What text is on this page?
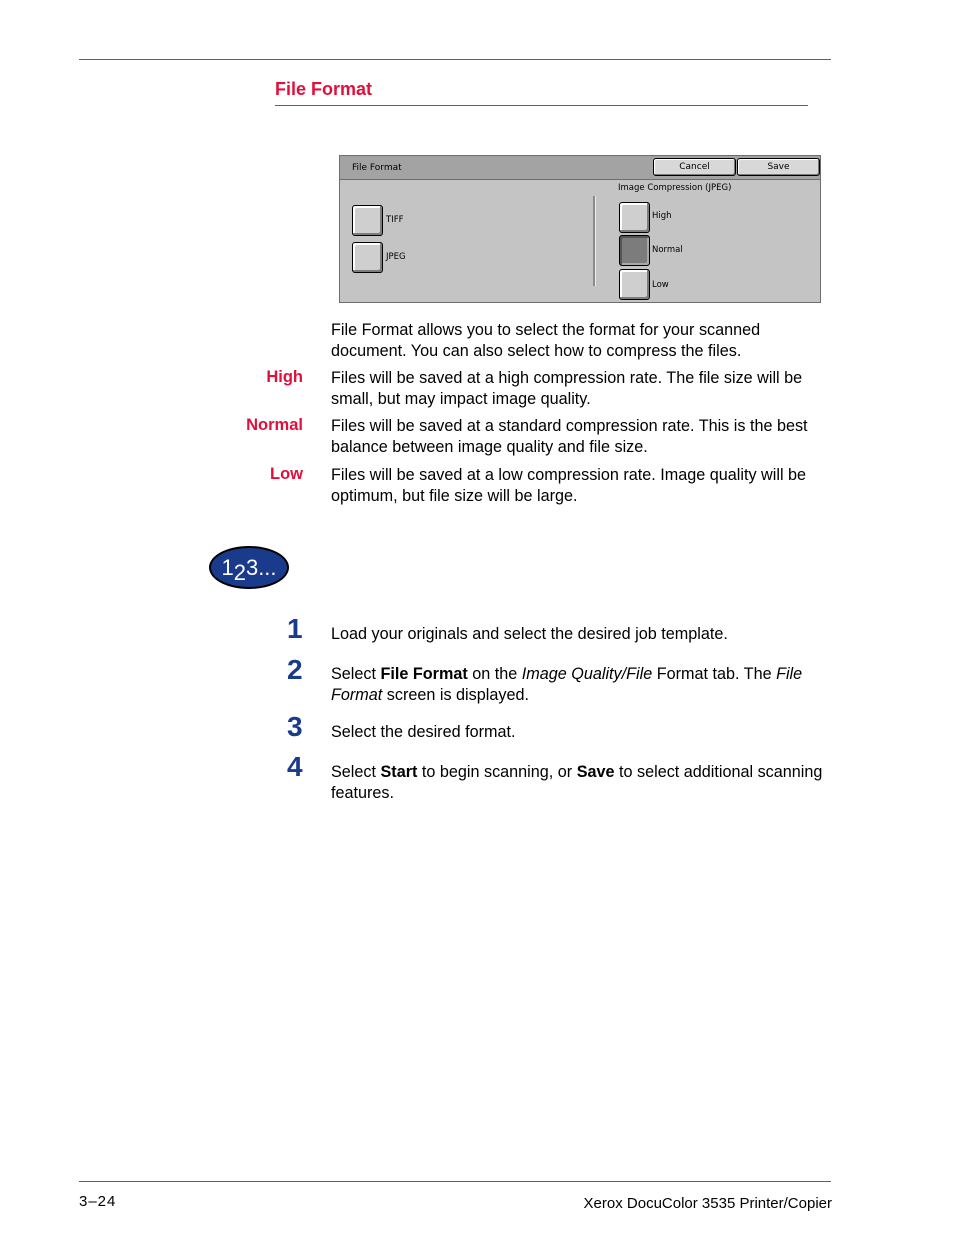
File Format
File Format	Cancel	Save
TIFF
JPEG
Image Compression (JPEG)
High
Normal
Low
File Format allows you to select the format for your scanned document. You can also select how to compress the files.
High Files will be saved at a high compression rate. The file size will be small, but may impact image quality.
Normal Files will be saved at a standard compression rate. This is the best balance between image quality and file size.
Low Files will be saved at a low compression rate. Image quality will be optimum, but file size will be large.
123...
1 Load your originals and select the desired job template.
2 Select File Format on the Image Quality/File Format tab. The File Format screen is displayed.
3 Select the desired format.
4 Select Start to begin scanning, or Save to select additional scanning features.
3–24	Xerox DocuColor 3535 Printer/Copier
